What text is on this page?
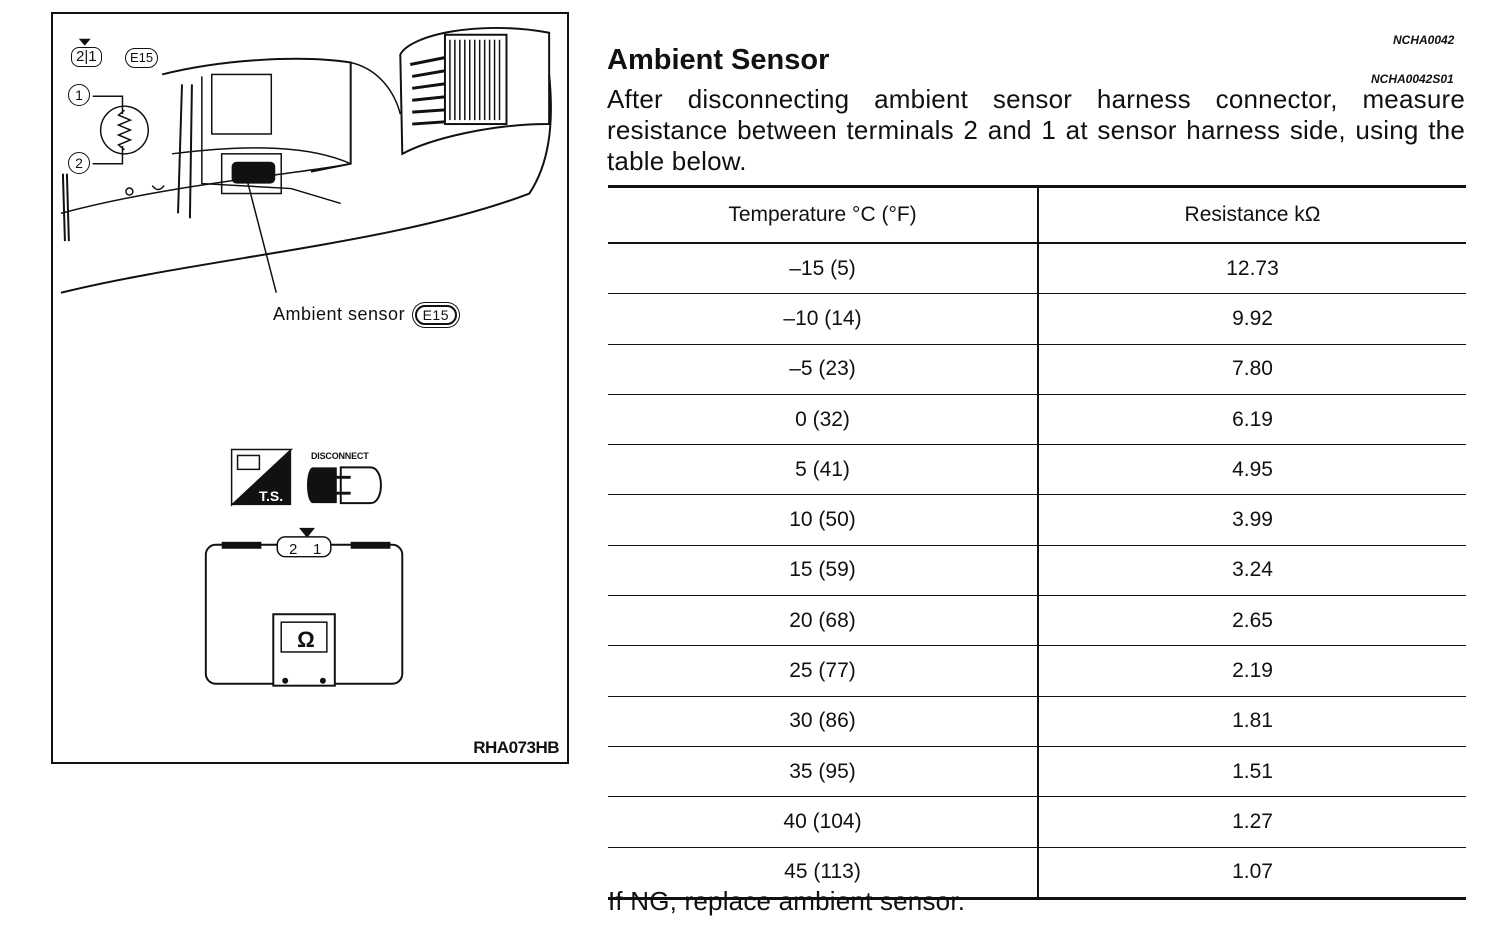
2|1	E15
1
2
Ambient sensor E15
T.S.
DISCONNECT
2 1
Ω
RHA073HB
NCHA0042
Ambient Sensor
NCHA0042S01

After disconnecting ambient sensor harness connector, measure resistance between terminals 2 and 1 at sensor harness side, using the table below.

Temperature °C (°F)	Resistance kΩ
–15 (5)	12.73
–10 (14)	9.92
–5 (23)	7.80
0 (32)	6.19
5 (41)	4.95
10 (50)	3.99
15 (59)	3.24
20 (68)	2.65
25 (77)	2.19
30 (86)	1.81
35 (95)	1.51
40 (104)	1.27
45 (113)	1.07

If NG, replace ambient sensor.
